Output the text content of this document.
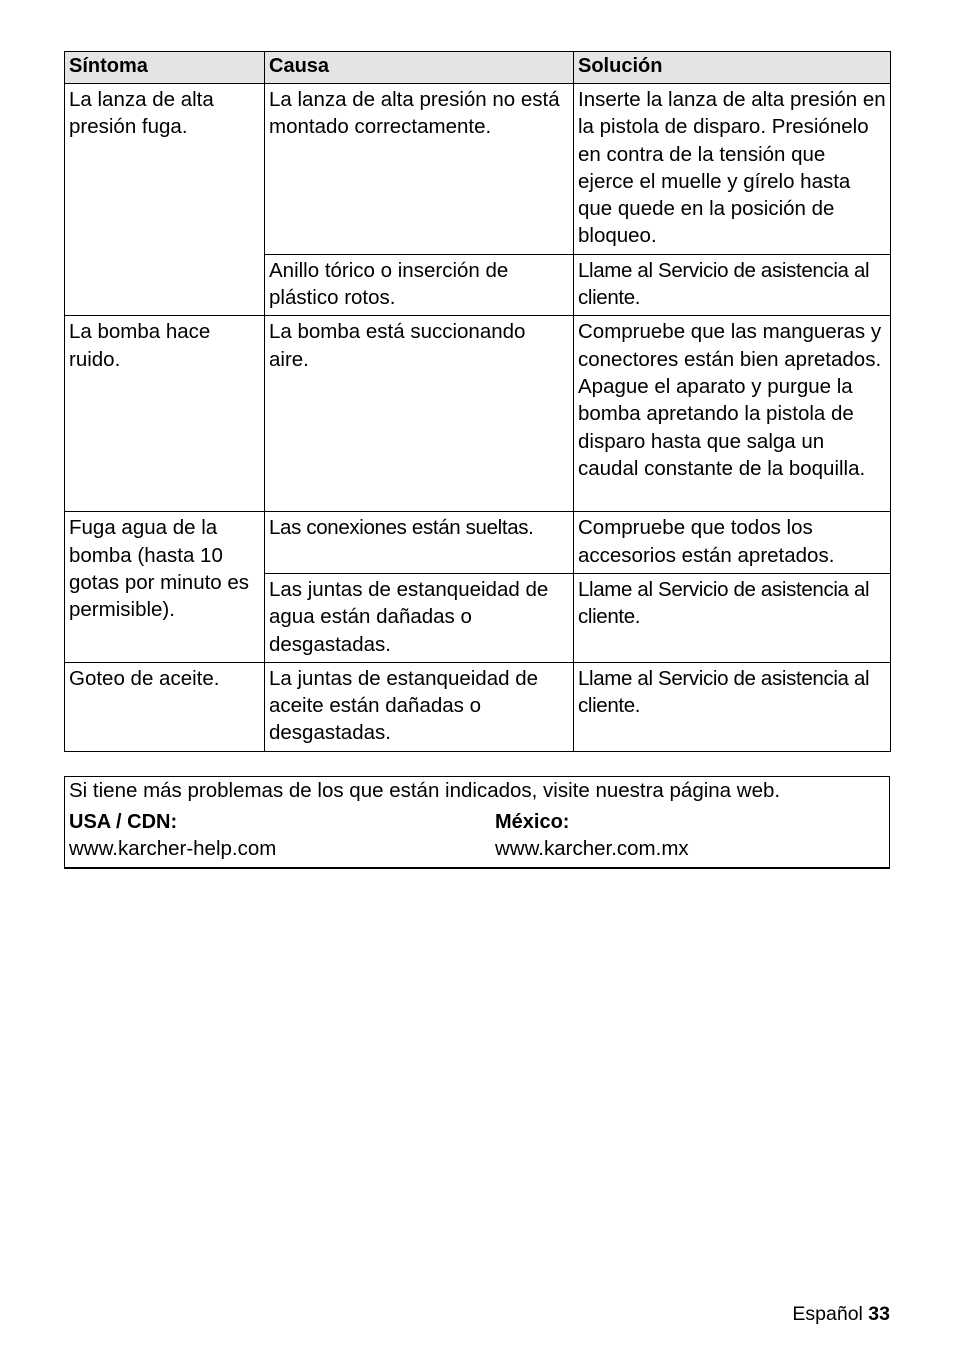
Síntoma	Causa	Solución
La lanza de alta presión fuga.	La lanza de alta presión no está montado correctamente.	Inserte la lanza de alta presión en la pistola de disparo. Presiónelo en contra de la tensión que ejerce el muelle y gírelo hasta que quede en la posición de bloqueo.
	Anillo tórico o inserción de plástico rotos.	Llame al Servicio de asistencia al cliente.
La bomba hace ruido.	La bomba está succionando aire.	Compruebe que las mangueras y conectores están bien apretados. Apague el aparato y purgue la bomba apretando la pistola de disparo hasta que salga un caudal constante de la boquilla.
Fuga agua de la bomba (hasta 10 gotas por minuto es permisible).	Las conexiones están sueltas.	Compruebe que todos los accesorios están apretados.
	Las juntas de estanqueidad de agua están dañadas o desgastadas.	Llame al Servicio de asistencia al cliente.
Goteo de aceite.	La juntas de estanqueidad de aceite están dañadas o desgastadas.	Llame al Servicio de asistencia al cliente.
Si tiene más problemas de los que están indicados, visite nuestra página web.
USA / CDN:
www.karcher-help.com
México:
www.karcher.com.mx
Español 33
